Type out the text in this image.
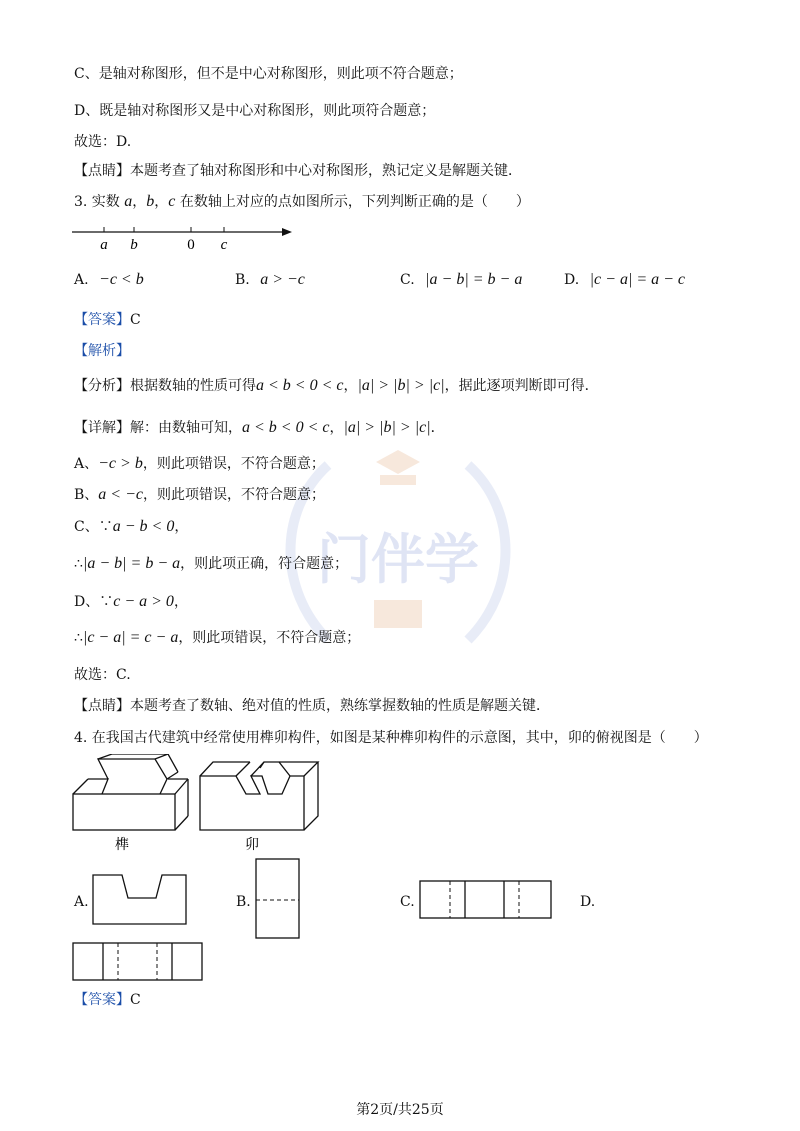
门伴学
C、是轴对称图形，但不是中心对称图形，则此项不符合题意；
D、既是轴对称图形又是中心对称图形，则此项符合题意；
故选：D.
【点睛】本题考查了轴对称图形和中心对称图形，熟记定义是解题关键．
3. 实数 a，b，c 在数轴上对应的点如图所示，下列判断正确的是（　　）
a b	0 c
A. −c < b	B. a > −c	C. |a − b| = b − a	D. |c − a| = a − c
【答案】C
【解析】
【分析】根据数轴的性质可得a < b < 0 < c，|a| > |b| > |c|，据此逐项判断即可得．
【详解】解：由数轴可知，a < b < 0 < c，|a| > |b| > |c|．
A、−c > b，则此项错误，不符合题意；
B、a < −c，则此项错误，不符合题意；
C、∵a − b < 0，
∴|a − b| = b − a，则此项正确，符合题意；
D、∵c − a > 0，
∴|c − a| = c − a，则此项错误，不符合题意；
故选：C.
【点睛】本题考查了数轴、绝对值的性质，熟练掌握数轴的性质是解题关键．
4. 在我国古代建筑中经常使用榫卯构件，如图是某种榫卯构件的示意图，其中，卯的俯视图是（　　）
榫	卯
A.	B.	C.	D.
【答案】C
第2页/共25页
